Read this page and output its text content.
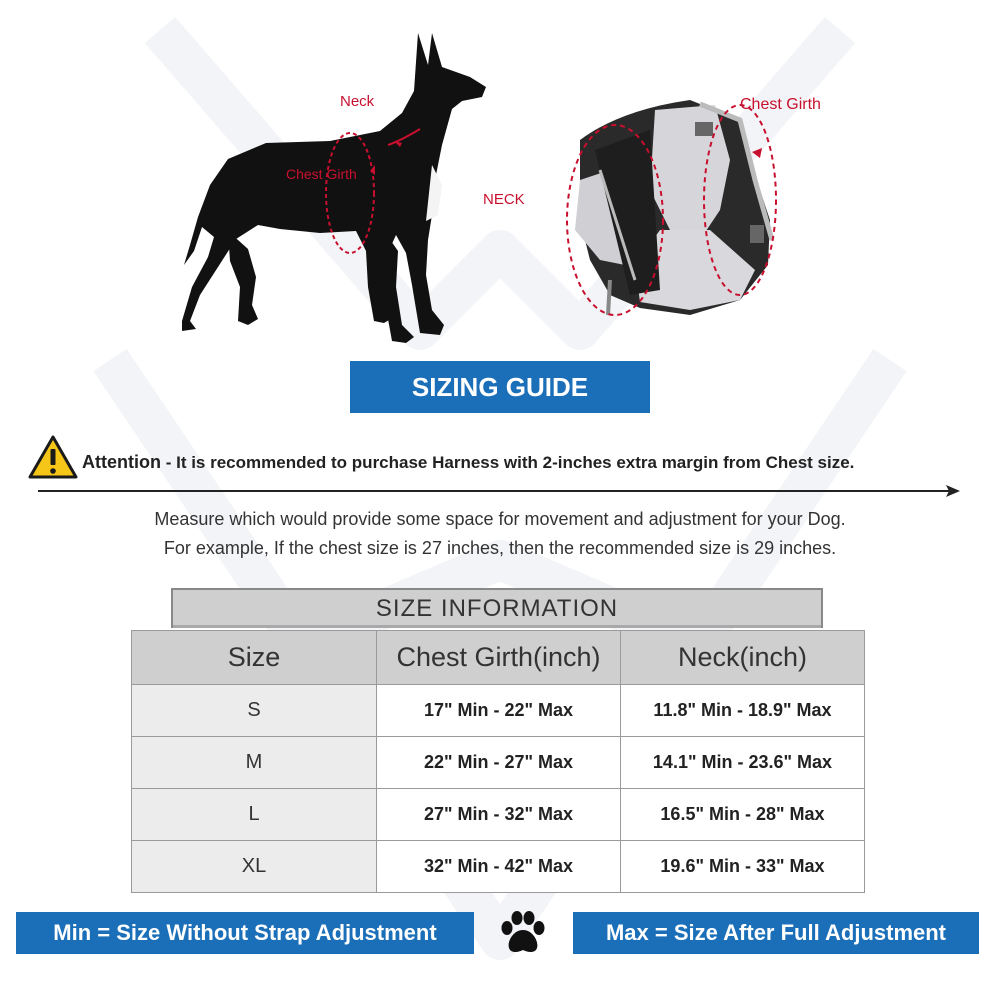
Neck
Chest Girth
NECK
Chest Girth
SIZING GUIDE
Attention - It is recommended to purchase Harness with 2-inches extra margin from Chest size.
Measure which would provide some space for movement and adjustment for your Dog.
For example, If the chest size is 27 inches, then the recommended size is 29 inches.
SIZE INFORMATION
Size	Chest Girth(inch)	Neck(inch)
S	17" Min - 22" Max	11.8" Min - 18.9" Max
M	22" Min - 27" Max	14.1" Min - 23.6" Max
L	27" Min - 32" Max	16.5" Min - 28" Max
XL	32" Min - 42" Max	19.6" Min - 33" Max
Min = Size Without Strap Adjustment	Max = Size After Full Adjustment
